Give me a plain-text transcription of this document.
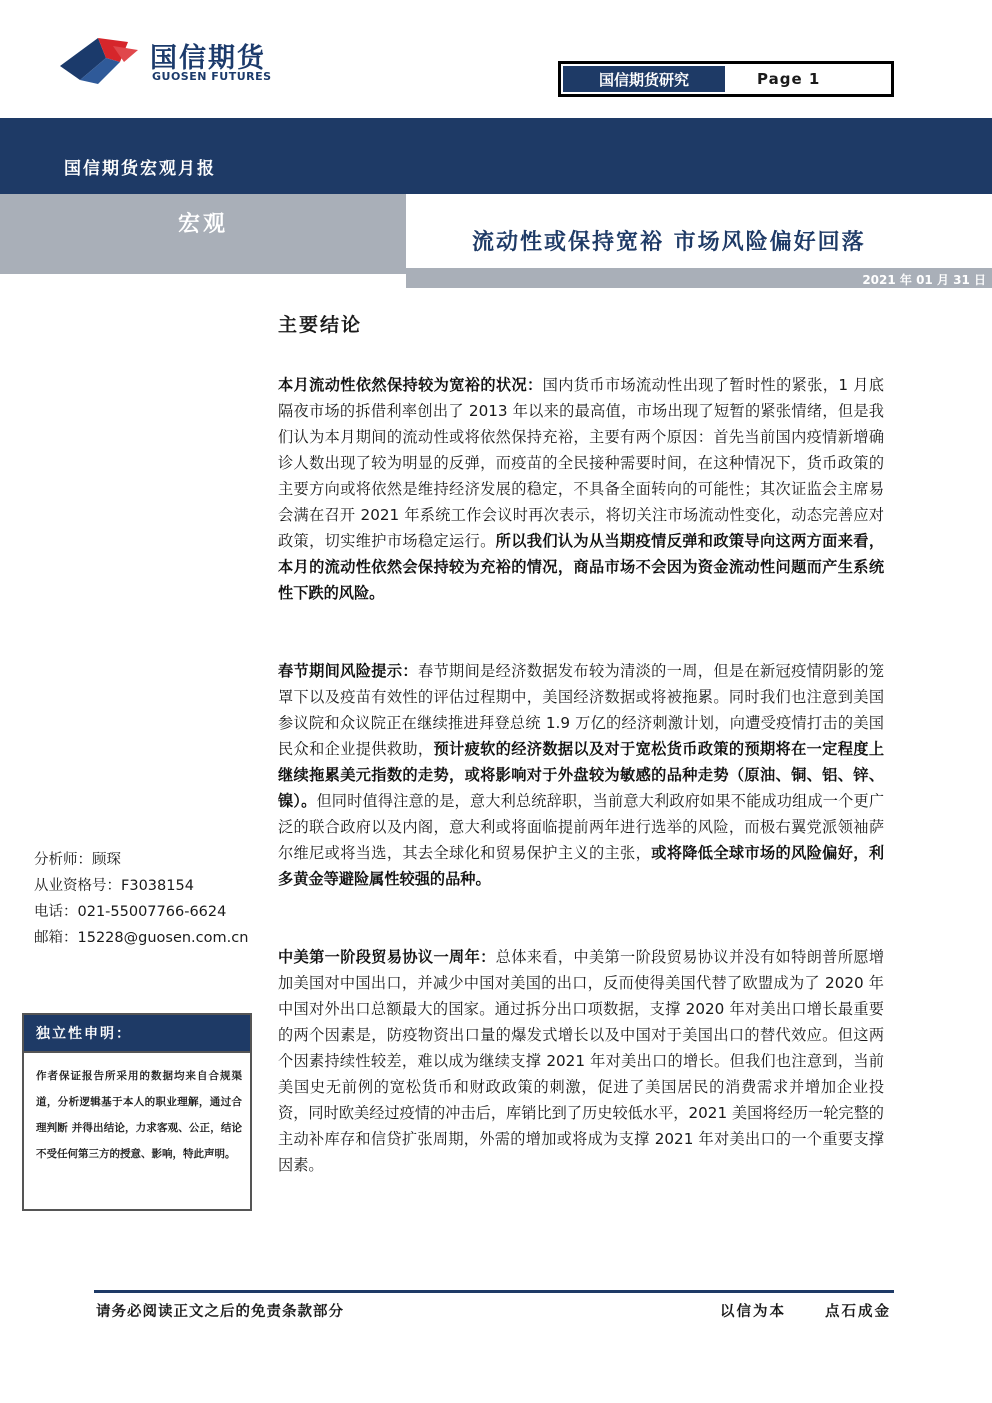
国信期货
GUOSEN FUTURES	国信期货研究	Page 1
国信期货宏观月报
宏观
流动性或保持宽裕 市场风险偏好回落
2021 年 01 月 31 日
主要结论
本月流动性依然保持较为宽裕的状况：国内货币市场流动性出现了暂时性的紧张，1 月底隔夜市场的拆借利率创出了 2013 年以来的最高值，市场出现了短暂的紧张情绪，但是我们认为本月期间的流动性或将依然保持充裕，主要有两个原因：首先当前国内疫情新增确诊人数出现了较为明显的反弹，而疫苗的全民接种需要时间，在这种情况下，货币政策的主要方向或将依然是维持经济发展的稳定，不具备全面转向的可能性；其次证监会主席易会满在召开 2021 年系统工作会议时再次表示，将切关注市场流动性变化，动态完善应对政策，切实维护市场稳定运行。所以我们认为从当期疫情反弹和政策导向这两方面来看，本月的流动性依然会保持较为充裕的情况，商品市场不会因为资金流动性问题而产生系统性下跌的风险。
春节期间风险提示：春节期间是经济数据发布较为清淡的一周，但是在新冠疫情阴影的笼罩下以及疫苗有效性的评估过程期中，美国经济数据或将被拖累。同时我们也注意到美国参议院和众议院正在继续推进拜登总统 1.9 万亿的经济刺激计划，向遭受疫情打击的美国民众和企业提供救助，预计疲软的经济数据以及对于宽松货币政策的预期将在一定程度上继续拖累美元指数的走势，或将影响对于外盘较为敏感的品种走势（原油、铜、铝、锌、镍）。但同时值得注意的是，意大利总统辞职，当前意大利政府如果不能成功组成一个更广泛的联合政府以及内阁，意大利或将面临提前两年进行选举的风险，而极右翼党派领袖萨尔维尼或将当选，其去全球化和贸易保护主义的主张，或将降低全球市场的风险偏好，利多黄金等避险属性较强的品种。
中美第一阶段贸易协议一周年：总体来看，中美第一阶段贸易协议并没有如特朗普所愿增加美国对中国出口，并减少中国对美国的出口，反而使得美国代替了欧盟成为了 2020 年中国对外出口总额最大的国家。通过拆分出口项数据，支撑 2020 年对美出口增长最重要的两个因素是，防疫物资出口量的爆发式增长以及中国对于美国出口的替代效应。但这两个因素持续性较差，难以成为继续支撑 2021 年对美出口的增长。但我们也注意到，当前美国史无前例的宽松货币和财政政策的刺激，促进了美国居民的消费需求并增加企业投资，同时欧美经过疫情的冲击后，库销比到了历史较低水平，2021 美国将经历一轮完整的主动补库存和信贷扩张周期，外需的增加或将成为支撑 2021 年对美出口的一个重要支撑因素。
分析师：顾琛
从业资格号：F3038154
电话：021-55007766-6624
邮箱：15228@guosen.com.cn
独立性申明：
作者保证报告所采用的数据均来自合规渠道，分析逻辑基于本人的职业理解，通过合理判断 并得出结论，力求客观、公正，结论不受任何第三方的授意、影响，特此声明。
请务必阅读正文之后的免责条款部分	以信为本	点石成金
